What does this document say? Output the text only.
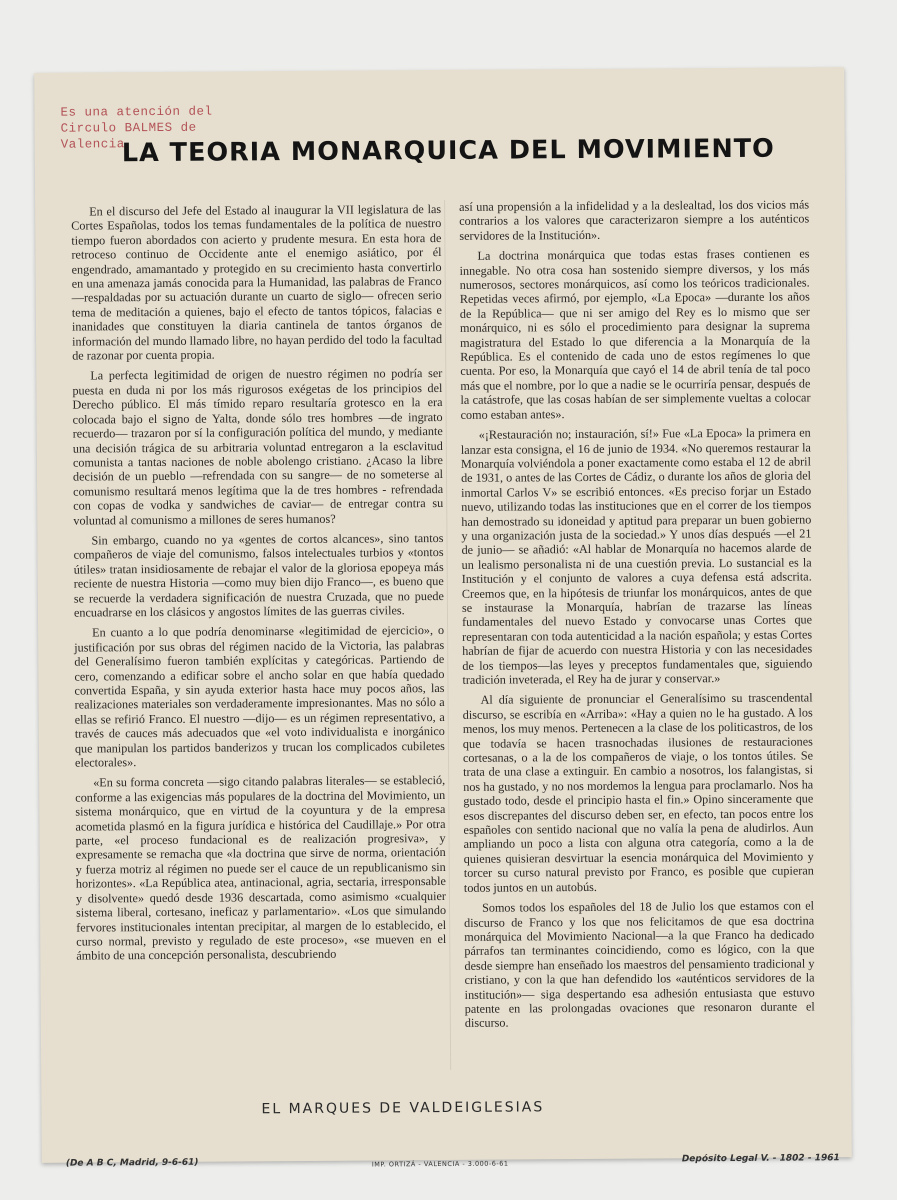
Es una atención del
Circulo BALMES de
Valencia
LA TEORIA MONARQUICA DEL MOVIMIENTO

En el discurso del Jefe del Estado al inaugurar la VII legislatura de las Cortes Españolas, todos los temas fundamentales de la política de nuestro tiempo fueron abordados con acierto y prudente mesura. En esta hora de retroceso continuo de Occidente ante el enemigo asiático, por él engendrado, amamantado y protegido en su crecimiento hasta convertirlo en una amenaza jamás conocida para la Humanidad, las palabras de Franco —respaldadas por su actuación durante un cuarto de siglo— ofrecen serio tema de meditación a quienes, bajo el efecto de tantos tópicos, falacias e inanidades que constituyen la diaria cantinela de tantos órganos de información del mundo llamado libre, no hayan perdido del todo la facultad de razonar por cuenta propia.

La perfecta legitimidad de origen de nuestro régimen no podría ser puesta en duda ni por los más rigurosos exégetas de los principios del Derecho público. El más tímido reparo resultaría grotesco en la era colocada bajo el signo de Yalta, donde sólo tres hombres —de ingrato recuerdo— trazaron por sí la configuración política del mundo, y mediante una decisión trágica de su arbitraria voluntad entregaron a la esclavitud comunista a tantas naciones de noble abolengo cristiano. ¿Acaso la libre decisión de un pueblo —refrendada con su sangre— de no someterse al comunismo resultará menos legítima que la de tres hombres - refrendada con copas de vodka y sandwiches de caviar— de entregar contra su voluntad al comunismo a millones de seres humanos?

Sin embargo, cuando no ya «gentes de cortos alcances», sino tantos compañeros de viaje del comunismo, falsos intelectuales turbios y «tontos útiles» tratan insidiosamente de rebajar el valor de la gloriosa epopeya más reciente de nuestra Historia —como muy bien dijo Franco—, es bueno que se recuerde la verdadera significación de nuestra Cruzada, que no puede encuadrarse en los clásicos y angostos límites de las guerras civiles.

En cuanto a lo que podría denominarse «legitimidad de ejercicio», o justificación por sus obras del régimen nacido de la Victoria, las palabras del Generalísimo fueron también explícitas y categóricas. Partiendo de cero, comenzando a edificar sobre el ancho solar en que había quedado convertida España, y sin ayuda exterior hasta hace muy pocos años, las realizaciones materiales son verdaderamente impresionantes. Mas no sólo a ellas se refirió Franco. El nuestro —dijo— es un régimen representativo, a través de cauces más adecuados que «el voto individualista e inorgánico que manipulan los partidos banderizos y trucan los complicados cubiletes electorales».

«En su forma concreta —sigo citando palabras literales— se estableció, conforme a las exigencias más populares de la doctrina del Movimiento, un sistema monárquico, que en virtud de la coyuntura y de la empresa acometida plasmó en la figura jurídica e histórica del Caudillaje.» Por otra parte, «el proceso fundacional es de realización progresiva», y expresamente se remacha que «la doctrina que sirve de norma, orientación y fuerza motriz al régimen no puede ser el cauce de un republicanismo sin horizontes». «La República atea, antinacional, agria, sectaria, irresponsable y disolvente» quedó desde 1936 descartada, como asimismo «cualquier sistema liberal, cortesano, ineficaz y parlamentario». «Los que simulando fervores institucionales intentan precipitar, al margen de lo establecido, el curso normal, previsto y regulado de este proceso», «se mueven en el ámbito de una concepción personalista, descubriendo

así una propensión a la infidelidad y a la deslealtad, los dos vicios más contrarios a los valores que caracterizaron siempre a los auténticos servidores de la Institución».

La doctrina monárquica que todas estas frases contienen es innegable. No otra cosa han sostenido siempre diversos, y los más numerosos, sectores monárquicos, así como los teóricos tradicionales. Repetidas veces afirmó, por ejemplo, «La Epoca» —durante los años de la República— que ni ser amigo del Rey es lo mismo que ser monárquico, ni es sólo el procedimiento para designar la suprema magistratura del Estado lo que diferencia a la Monarquía de la República. Es el contenido de cada uno de estos regímenes lo que cuenta. Por eso, la Monarquía que cayó el 14 de abril tenía de tal poco más que el nombre, por lo que a nadie se le ocurriría pensar, después de la catástrofe, que las cosas habían de ser simplemente vueltas a colocar como estaban antes».

«¡Restauración no; instauración, sí!» Fue «La Epoca» la primera en lanzar esta consigna, el 16 de junio de 1934. «No queremos restaurar la Monarquía volviéndola a poner exactamente como estaba el 12 de abril de 1931, o antes de las Cortes de Cádiz, o durante los años de gloria del inmortal Carlos V» se escribió entonces. «Es preciso forjar un Estado nuevo, utilizando todas las instituciones que en el correr de los tiempos han demostrado su idoneidad y aptitud para preparar un buen gobierno y una organización justa de la sociedad.» Y unos días después —el 21 de junio— se añadió: «Al hablar de Monarquía no hacemos alarde de un lealismo personalista ni de una cuestión previa. Lo sustancial es la Institución y el conjunto de valores a cuya defensa está adscrita. Creemos que, en la hipótesis de triunfar los monárquicos, antes de que se instaurase la Monarquía, habrían de trazarse las líneas fundamentales del nuevo Estado y convocarse unas Cortes que representaran con toda autenticidad a la nación española; y estas Cortes habrían de fijar de acuerdo con nuestra Historia y con las necesidades de los tiempos—las leyes y preceptos fundamentales que, siguiendo tradición inveterada, el Rey ha de jurar y conservar.»

Al día siguiente de pronunciar el Generalísimo su trascendental discurso, se escribía en «Arriba»: «Hay a quien no le ha gustado. A los menos, los muy menos. Pertenecen a la clase de los politicastros, de los que todavía se hacen trasnochadas ilusiones de restauraciones cortesanas, o a la de los compañeros de viaje, o los tontos útiles. Se trata de una clase a extinguir. En cambio a nosotros, los falangistas, si nos ha gustado, y no nos mordemos la lengua para proclamarlo. Nos ha gustado todo, desde el principio hasta el fin.» Opino sinceramente que esos discrepantes del discurso deben ser, en efecto, tan pocos entre los españoles con sentido nacional que no valía la pena de aludirlos. Aun ampliando un poco a lista con alguna otra categoría, como a la de quienes quisieran desvirtuar la esencia monárquica del Movimiento y torcer su curso natural previsto por Franco, es posible que cupieran todos juntos en un autobús.

Somos todos los españoles del 18 de Julio los que estamos con el discurso de Franco y los que nos felicitamos de que esa doctrina monárquica del Movimiento Nacional—a la que Franco ha dedicado párrafos tan terminantes coincidiendo, como es lógico, con la que desde siempre han enseñado los maestros del pensamiento tradicional y cristiano, y con la que han defendido los «auténticos servidores de la institución»— siga despertando esa adhesión entusiasta que estuvo patente en las prolongadas ovaciones que resonaron durante el discurso.

EL MARQUES DE VALDEIGLESIAS
(De A B C, Madrid, 9-6-61)	IMP. ORTIZÁ - VALENCIA - 3.000-6-61	Depósito Legal V. - 1802 - 1961
